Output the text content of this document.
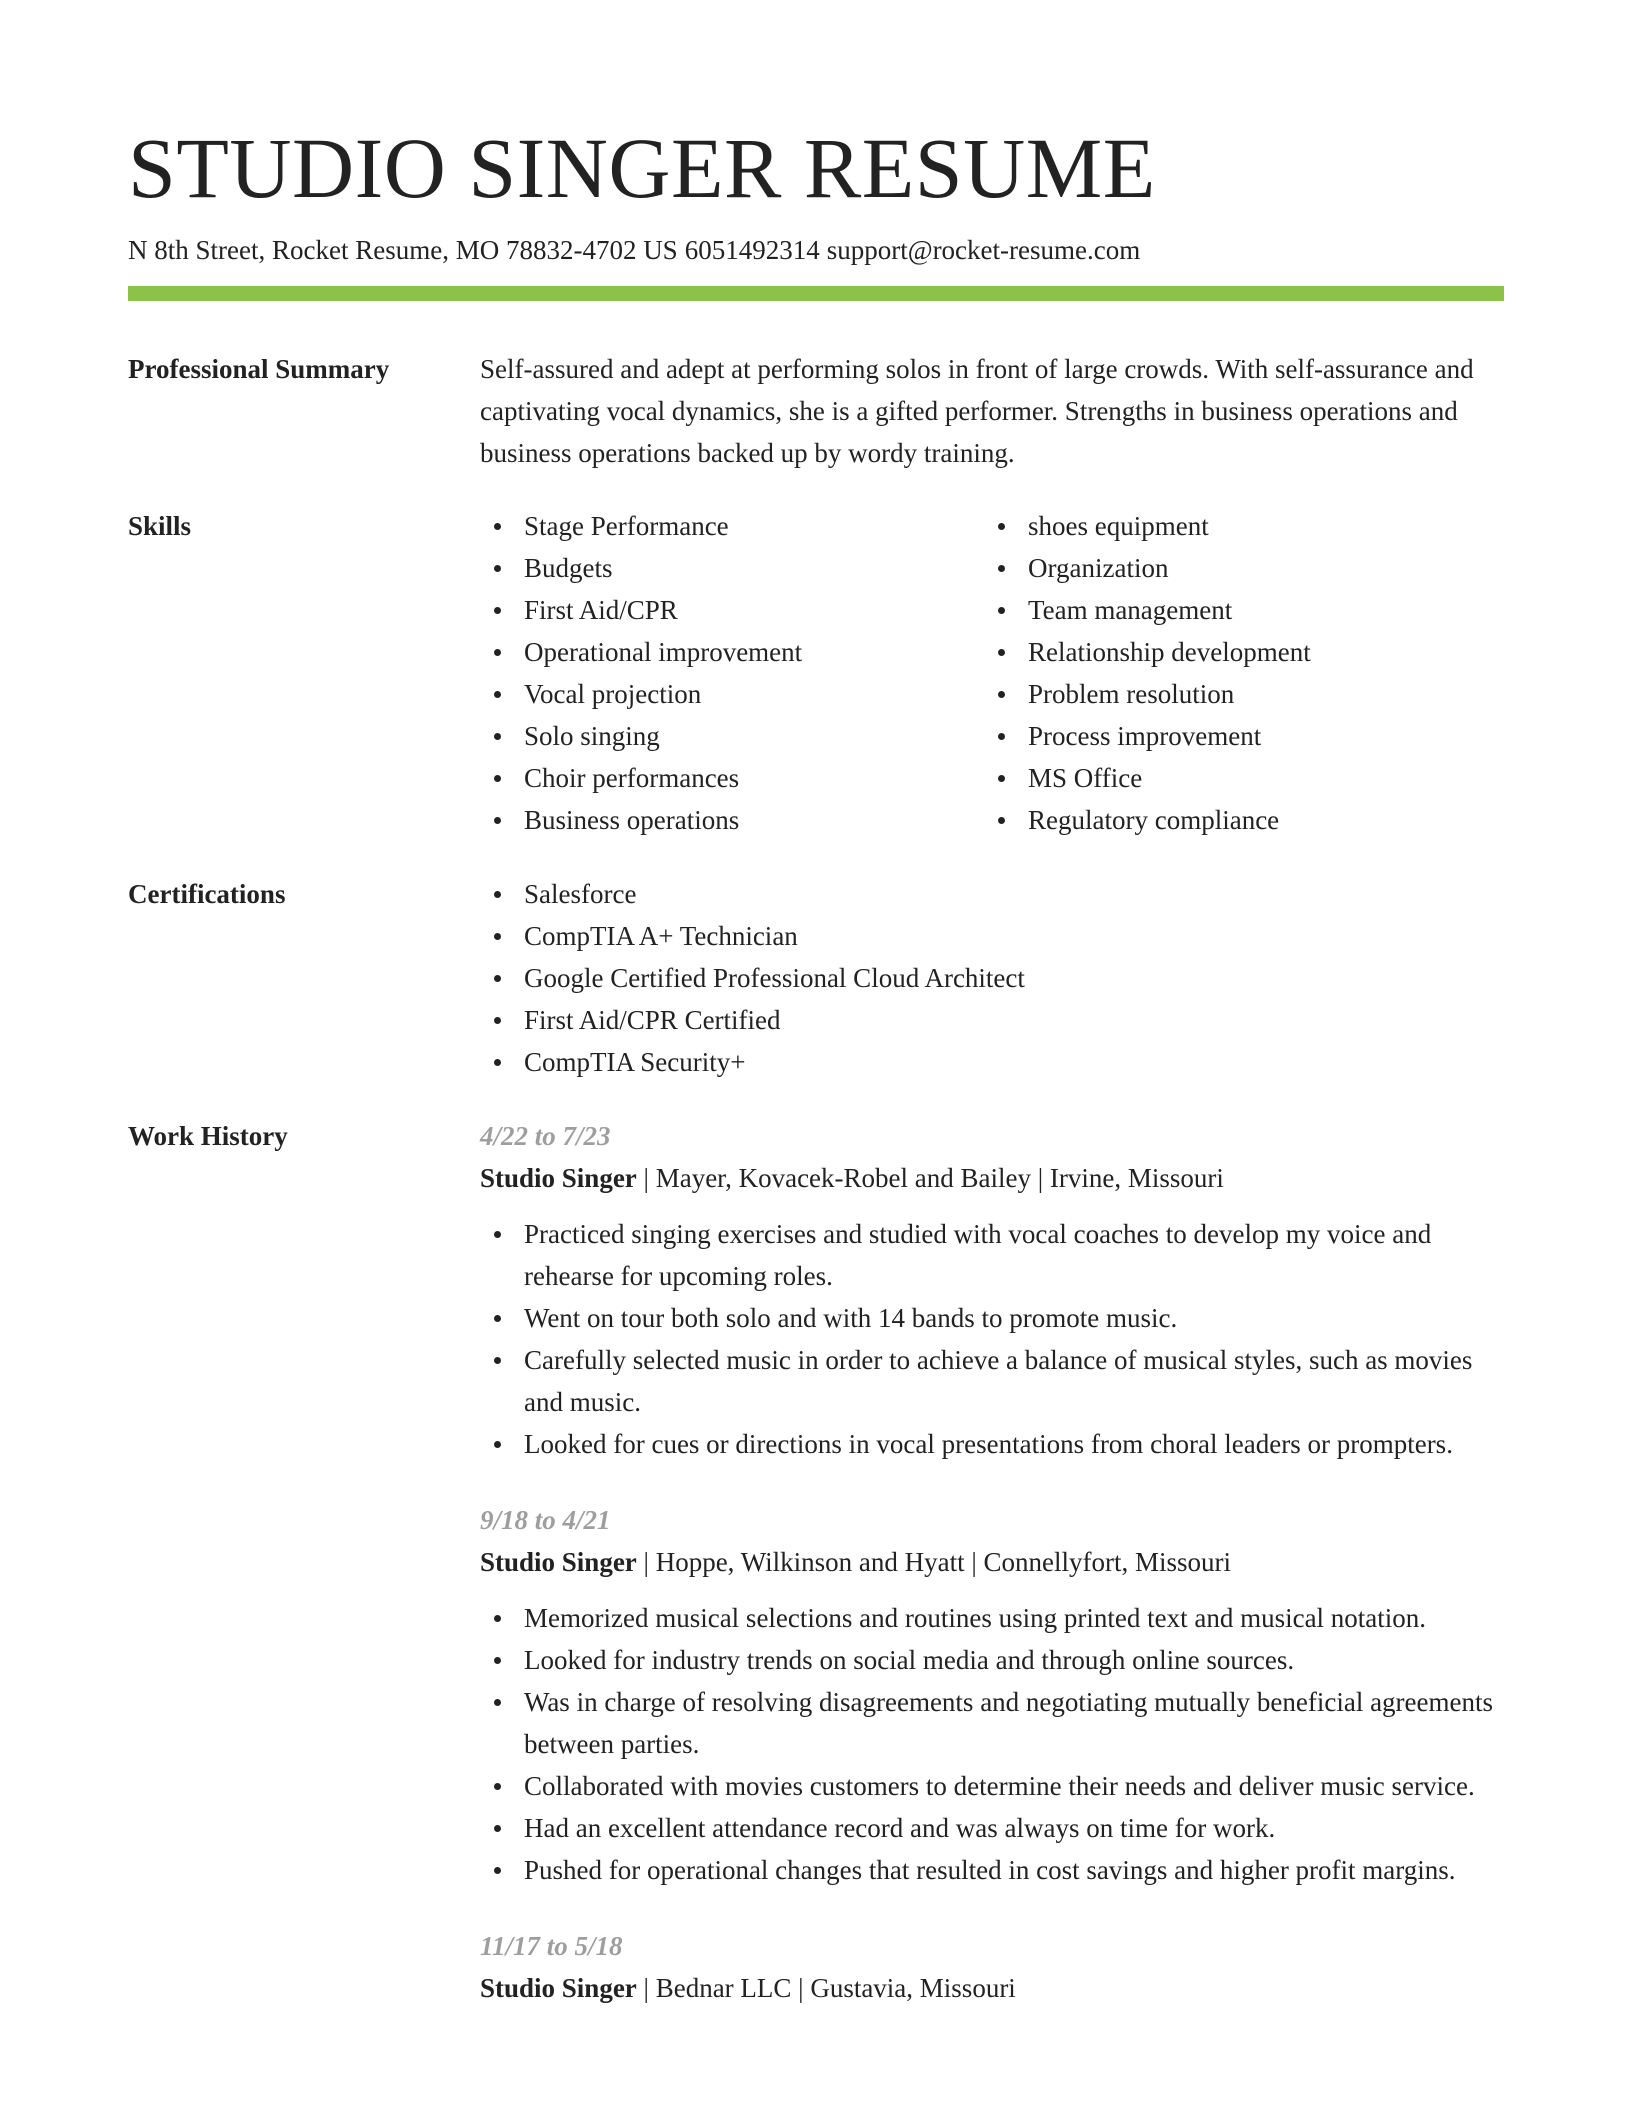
STUDIO SINGER RESUME
N 8th Street, Rocket Resume, MO 78832-4702 US 6051492314 support@rocket-resume.com
Professional Summary	Self-assured and adept at performing solos in front of large crowds. With self-assurance and captivating vocal dynamics, she is a gifted performer. Strengths in business operations and business operations backed up by wordy training.

Skills	Stage Performance
Budgets
First Aid/CPR
Operational improvement
Vocal projection
Solo singing
Choir performances
Business operations
shoes equipment
Organization
Team management
Relationship development
Problem resolution
Process improvement
MS Office
Regulatory compliance
Certifications	Salesforce
CompTIA A+ Technician
Google Certified Professional Cloud Architect
First Aid/CPR Certified
CompTIA Security+
Work History	4/22 to 7/23
Studio Singer | Mayer, Kovacek-Robel and Bailey | Irvine, Missouri
Practiced singing exercises and studied with vocal coaches to develop my voice and rehearse for upcoming roles.
Went on tour both solo and with 14 bands to promote music.
Carefully selected music in order to achieve a balance of musical styles, such as movies and music.
Looked for cues or directions in vocal presentations from choral leaders or prompters.
9/18 to 4/21
Studio Singer | Hoppe, Wilkinson and Hyatt | Connellyfort, Missouri
Memorized musical selections and routines using printed text and musical notation.
Looked for industry trends on social media and through online sources.
Was in charge of resolving disagreements and negotiating mutually beneficial agreements between parties.
Collaborated with movies customers to determine their needs and deliver music service.
Had an excellent attendance record and was always on time for work.
Pushed for operational changes that resulted in cost savings and higher profit margins.
11/17 to 5/18
Studio Singer | Bednar LLC | Gustavia, Missouri
